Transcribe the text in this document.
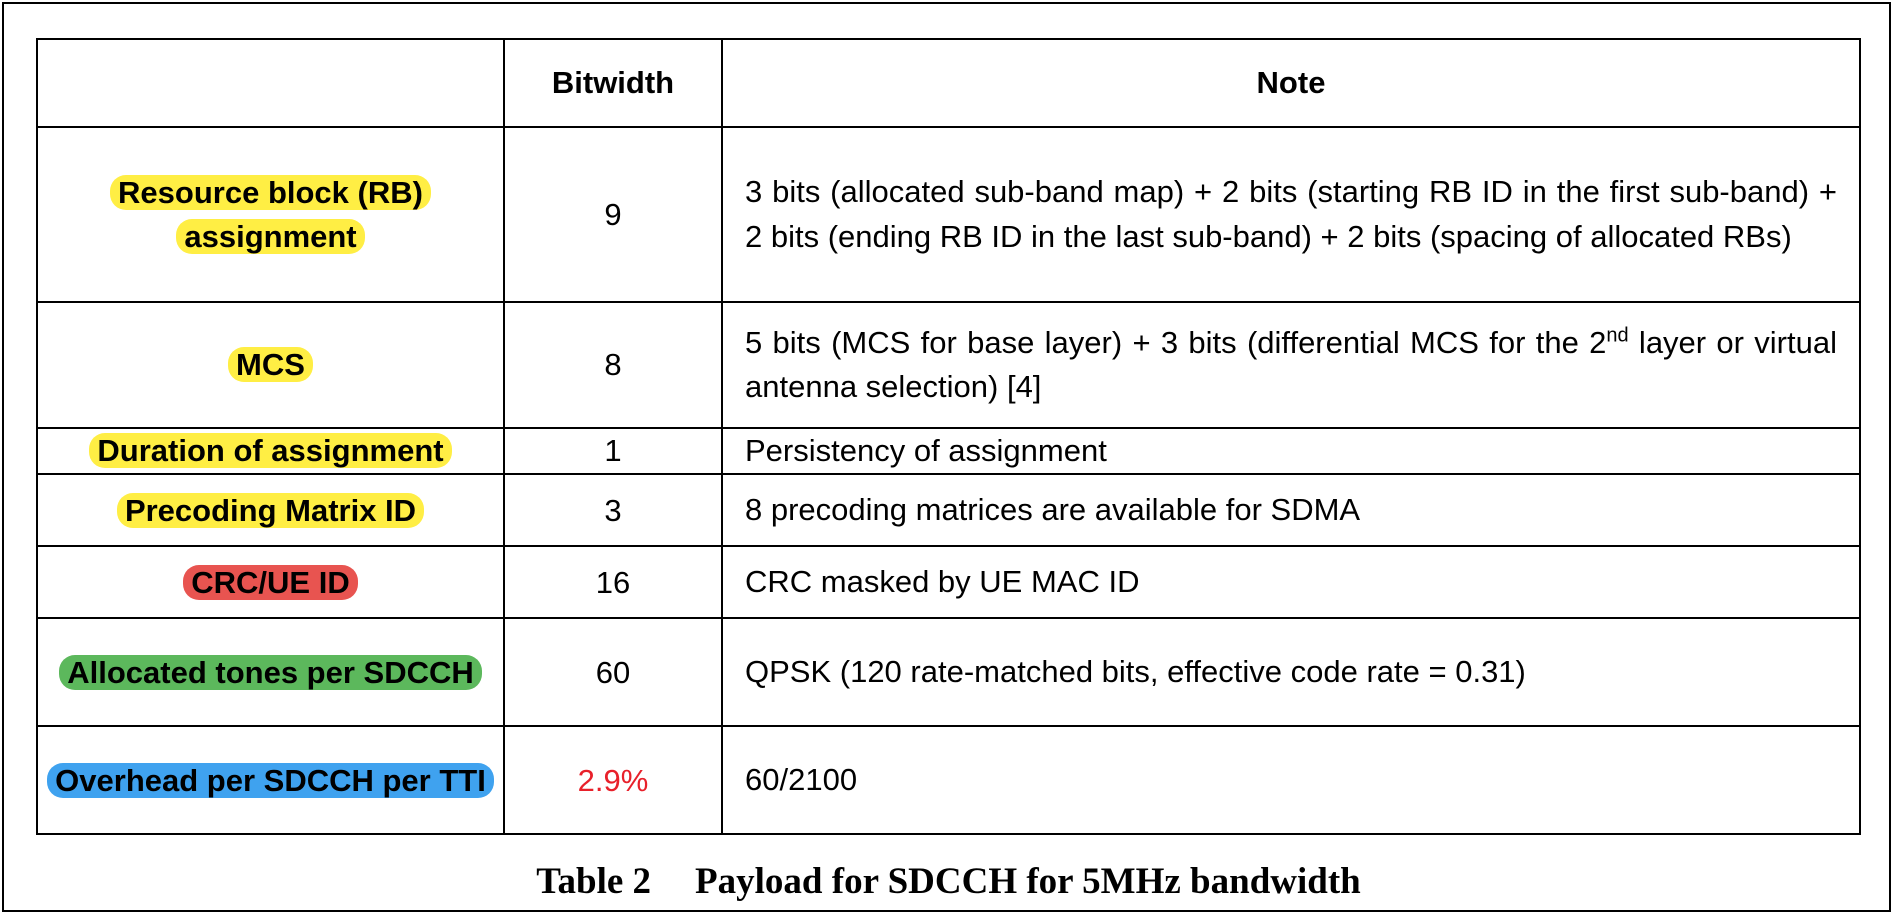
	Bitwidth	Note
Resource block (RB) assignment	9	3 bits (allocated sub-band map) + 2 bits (starting RB ID in the first sub-band) + 2 bits (ending RB ID in the last sub-band) + 2 bits (spacing of allocated RBs)
MCS	8	5 bits (MCS for base layer) + 3 bits (differential MCS for the 2nd layer or virtual antenna selection) [4]
Duration of assignment	1	Persistency of assignment
Precoding Matrix ID	3	8 precoding matrices are available for SDMA
CRC/UE ID	16	CRC masked by UE MAC ID
Allocated tones per SDCCH	60	QPSK (120 rate-matched bits, effective code rate = 0.31)
Overhead per SDCCH per TTI	2.9%	60/2100
Table 2 Payload for SDCCH for 5MHz bandwidth
